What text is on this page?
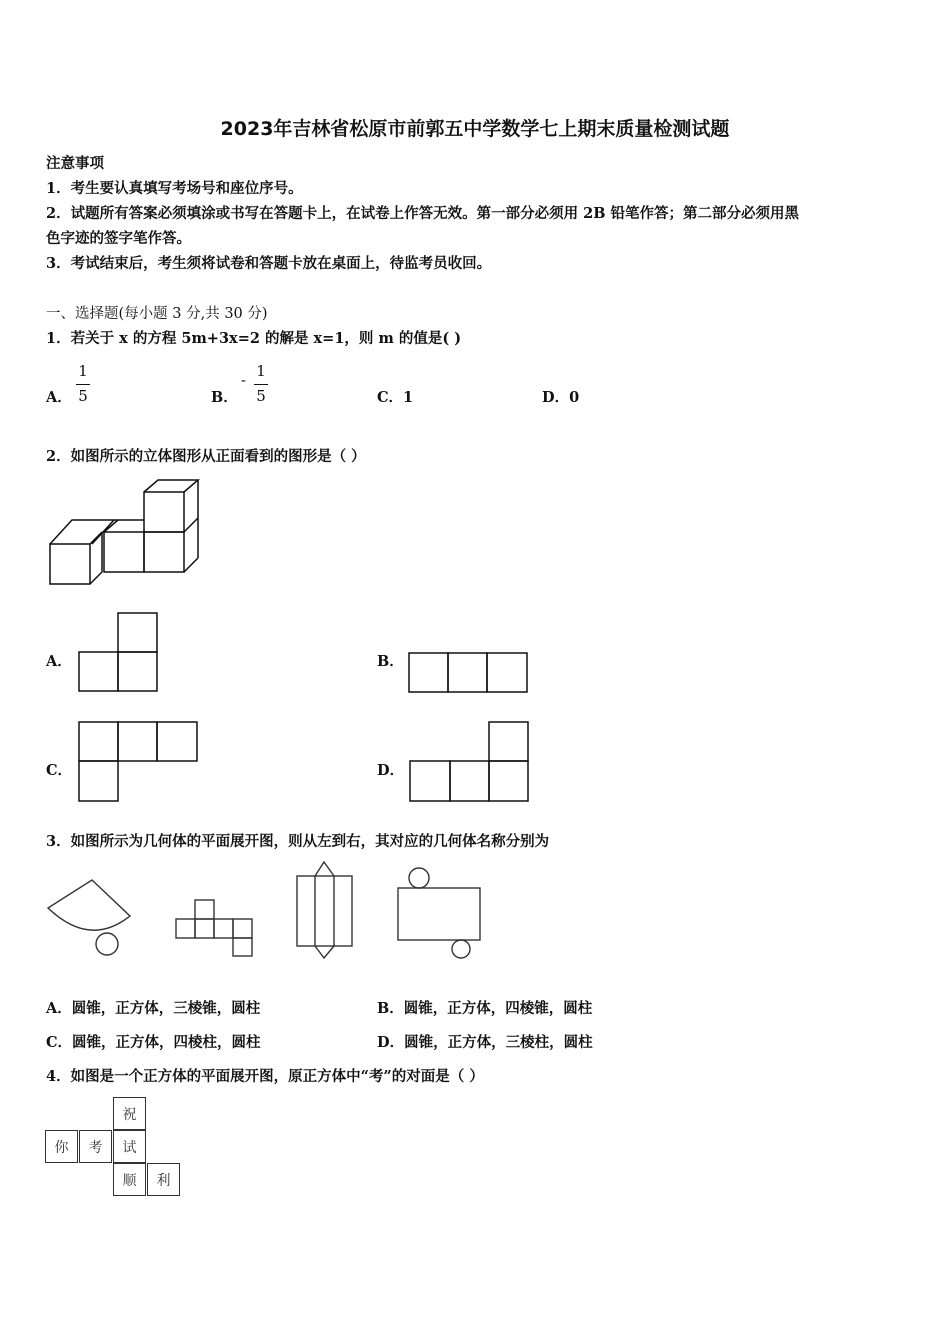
2023年吉林省松原市前郭五中学数学七上期末质量检测试题
注意事项
1．考生要认真填写考场号和座位序号。
2．试题所有答案必须填涂或书写在答题卡上，在试卷上作答无效。第一部分必须用 2B 铅笔作答；第二部分必须用黑
色字迹的签字笔作答。
3．考试结束后，考生须将试卷和答题卡放在桌面上，待监考员收回。
一、选择题(每小题 3 分,共 30 分)
1．若关于 x 的方程 5m+3x=2 的解是 x=1，则 m 的值是( )
A．
1
5	B．
-
1
5	C．1	D．0
2．如图所示的立体图形从正面看到的图形是（ ）
A．	B．
C．	D．
3．如图所示为几何体的平面展开图，则从左到右，其对应的几何体名称分别为
A．圆锥，正方体，三棱锥，圆柱	B．圆锥，正方体，四棱锥，圆柱
C．圆锥，正方体，四棱柱，圆柱	D．圆锥，正方体，三棱柱，圆柱
4．如图是一个正方体的平面展开图，原正方体中“考”的对面是（ ）
祝
你	考	试
顺	利
